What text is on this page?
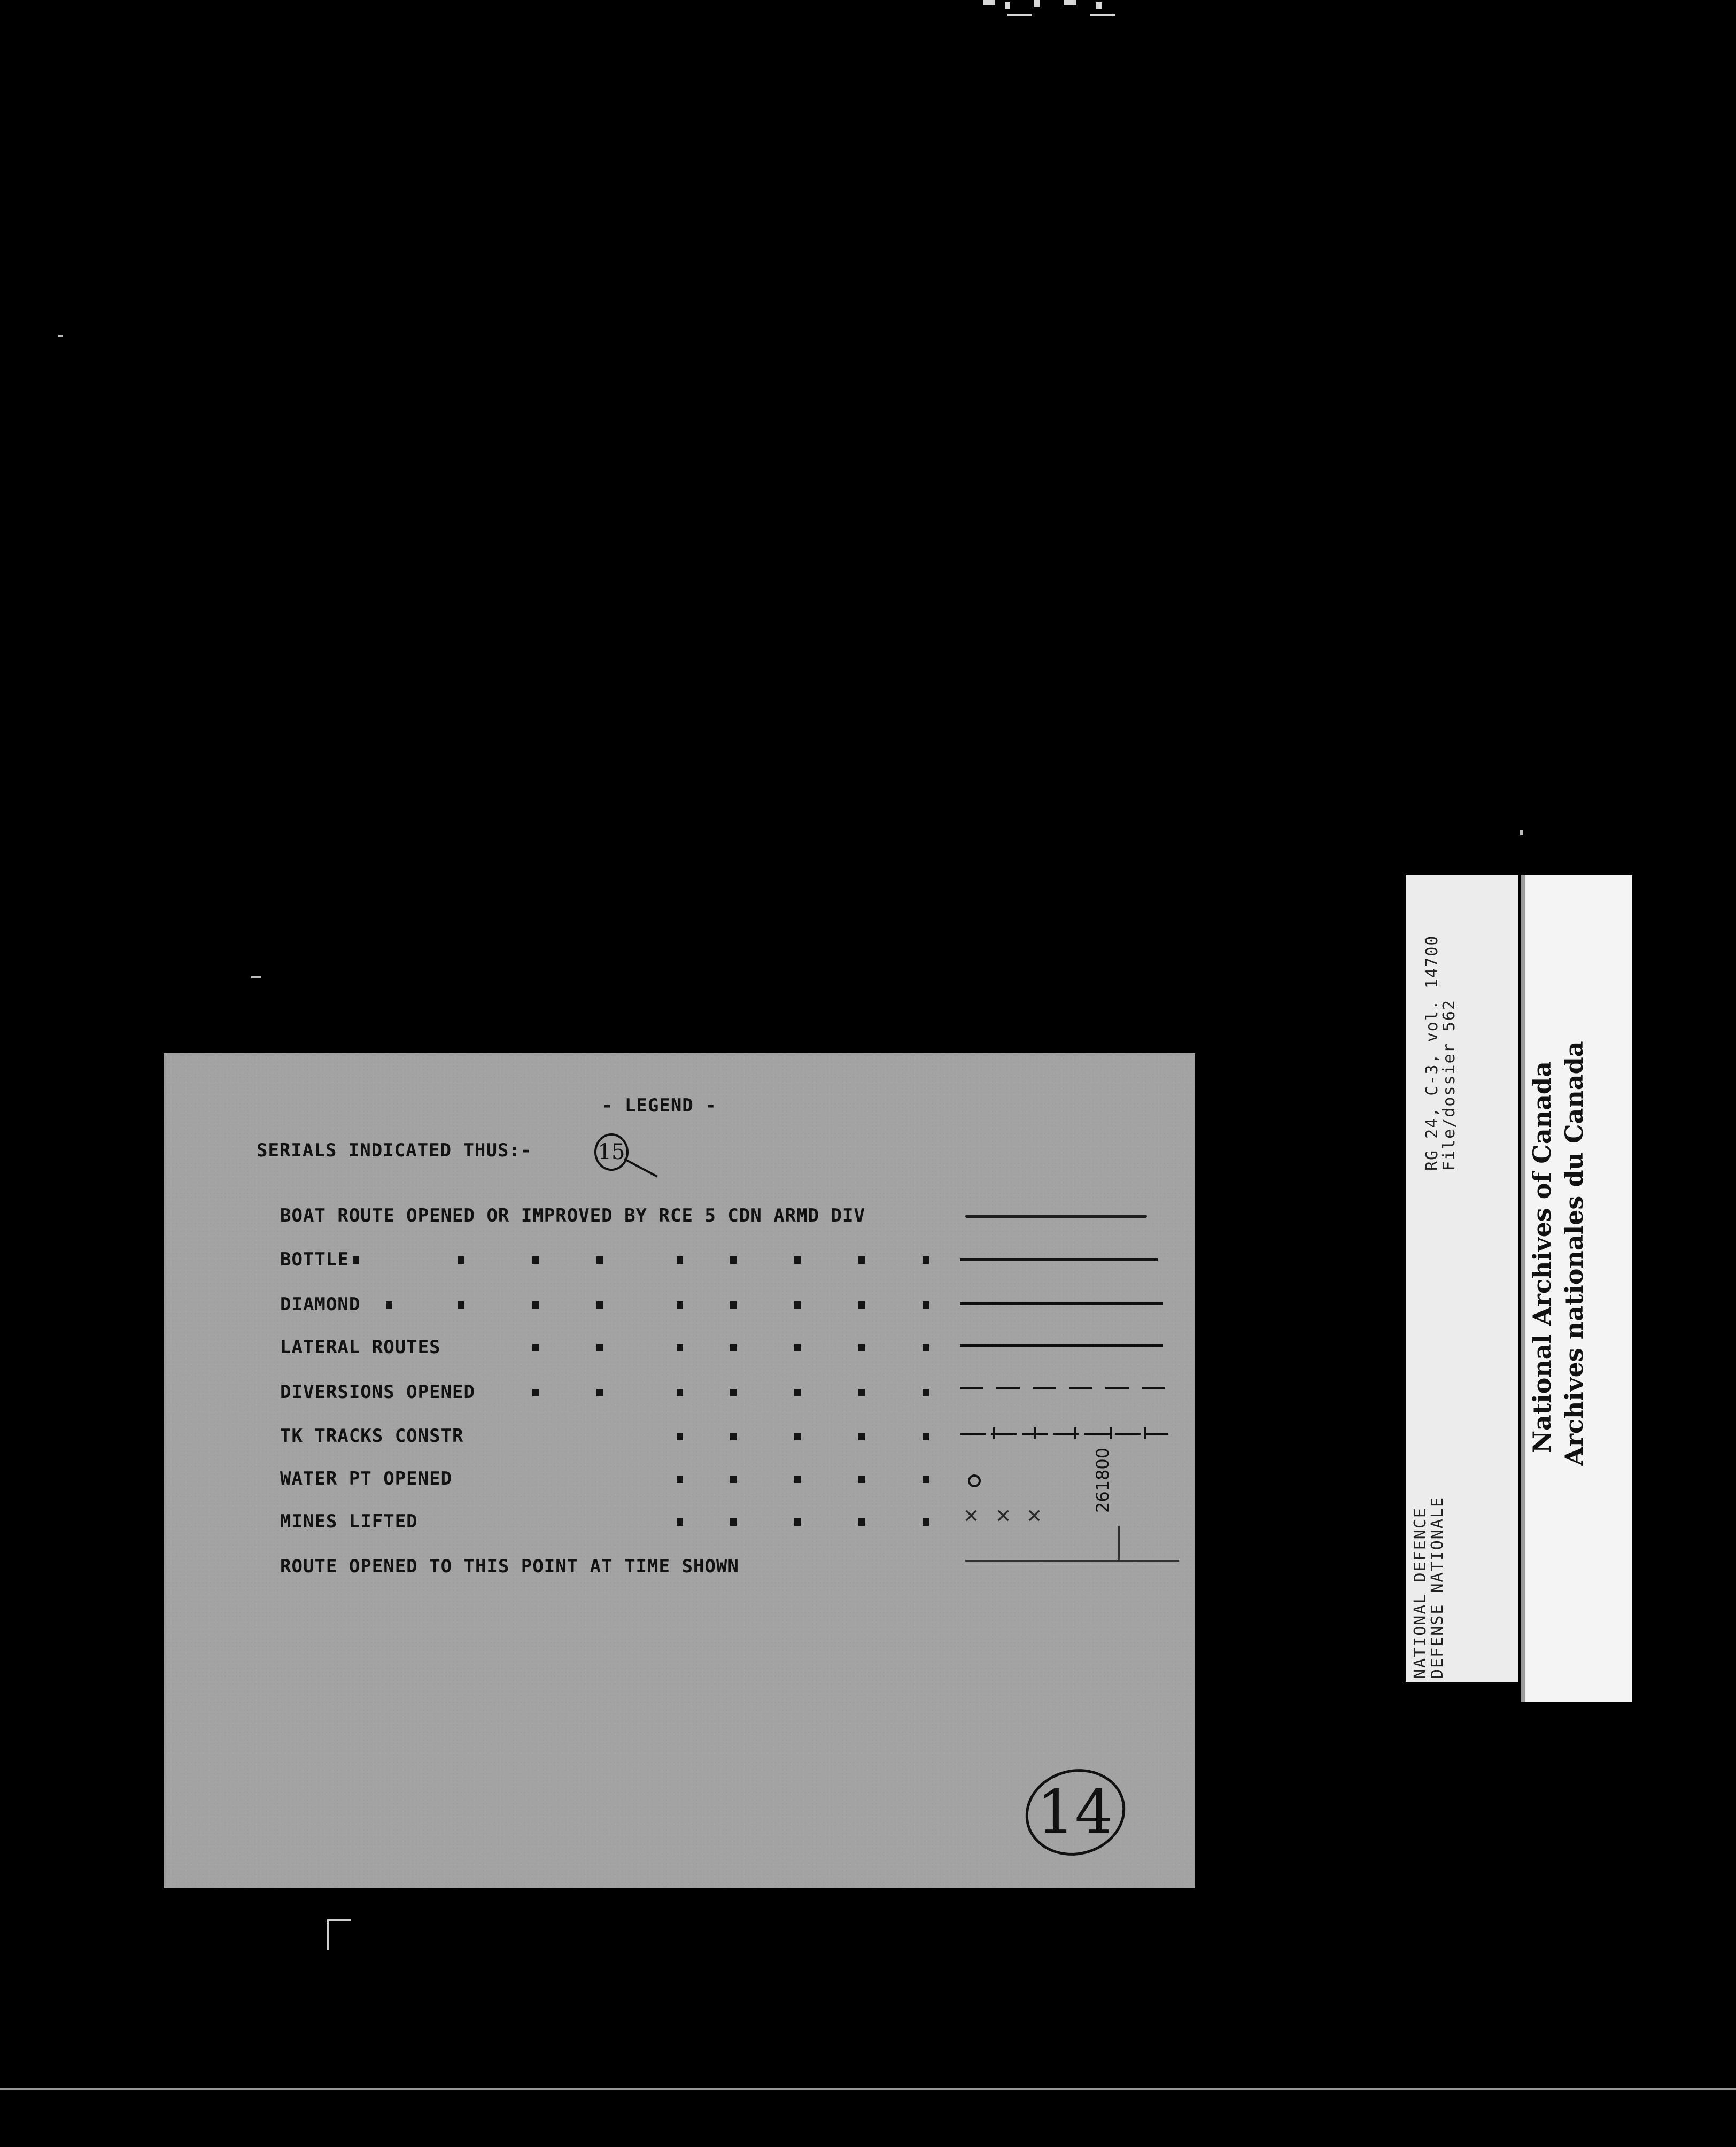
- LEGEND -
SERIALS INDICATED THUS:-	15
BOAT ROUTE OPENED OR IMPROVED BY RCE 5 CDN ARMD DIV
BOTTLE
DIAMOND
LATERAL ROUTES
DIVERSIONS OPENED
TK TRACKS CONSTR
WATER PT OPENED
MINES LIFTED
ROUTE OPENED TO THIS POINT AT TIME SHOWN
✕ ✕ ✕
261800
14
NATIONAL DEFENCE
DEFENSE NATIONALE
RG 24, C-3, vol. 14700
File/dossier 562	National Archives of Canada Archives nationales du Canada
